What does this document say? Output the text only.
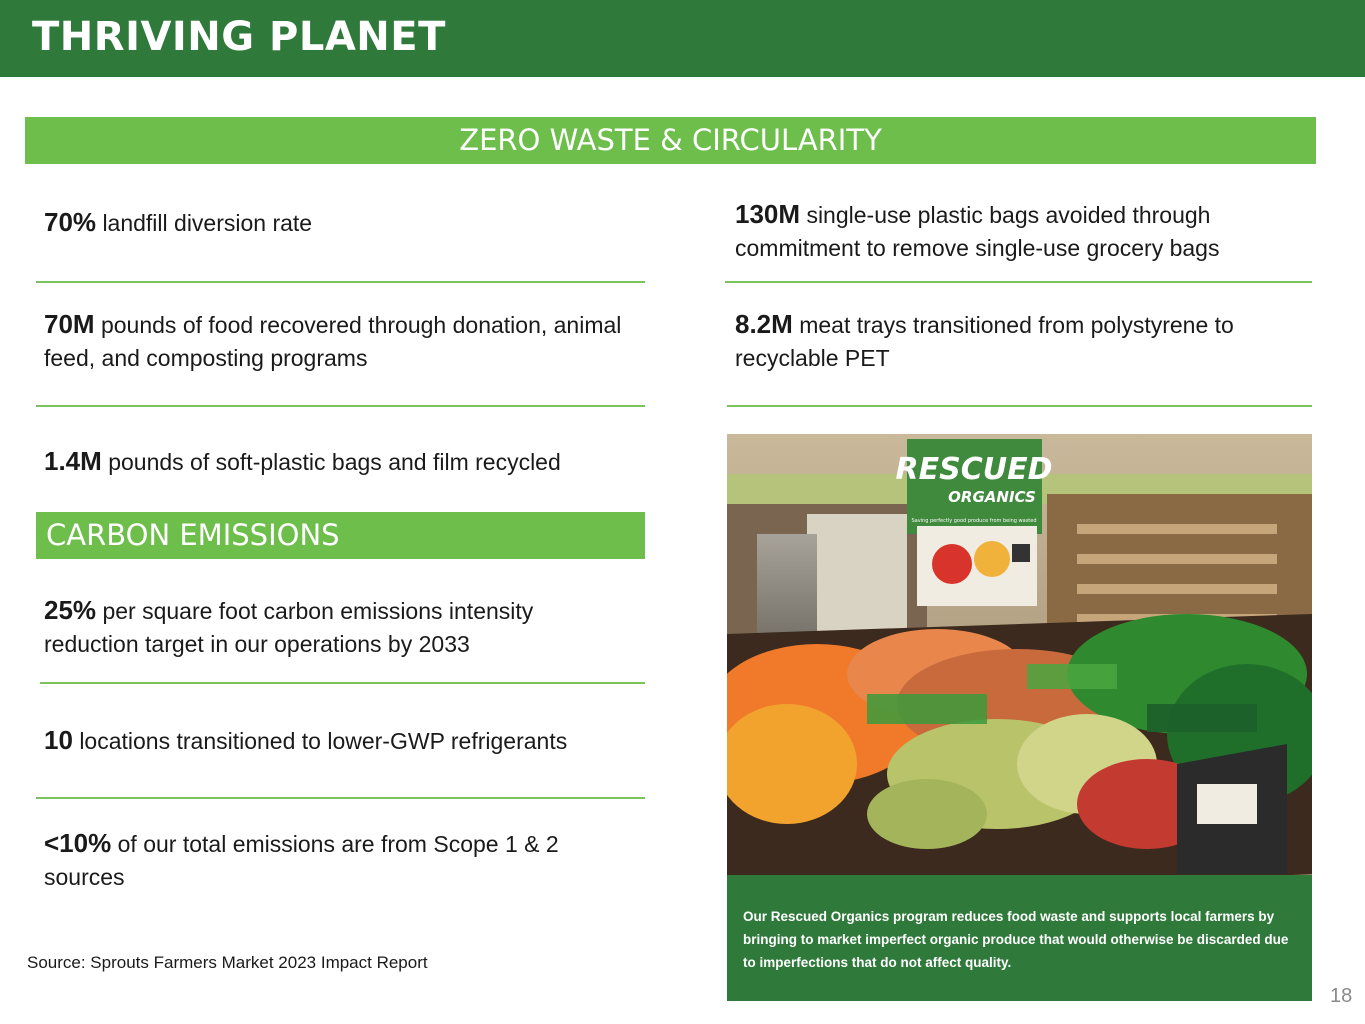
THRIVING PLANET
ZERO WASTE & CIRCULARITY
70% landfill diversion rate
70M pounds of food recovered through donation, animal feed, and composting programs
1.4M pounds of soft-plastic bags and film recycled
CARBON EMISSIONS
25% per square foot carbon emissions intensity reduction target in our operations by 2033
10 locations transitioned to lower-GWP refrigerants
<10% of our total emissions are from Scope 1 & 2 sources
130M single-use plastic bags avoided through commitment to remove single-use grocery bags
8.2M meat trays transitioned from polystyrene to recyclable PET
RESCUED
ORGANICS
Saving perfectly good produce from being wasted
Our Rescued Organics program reduces food waste and supports local farmers by bringing to market imperfect organic produce that would otherwise be discarded due to imperfections that do not affect quality.
Source: Sprouts Farmers Market 2023 Impact Report
18
